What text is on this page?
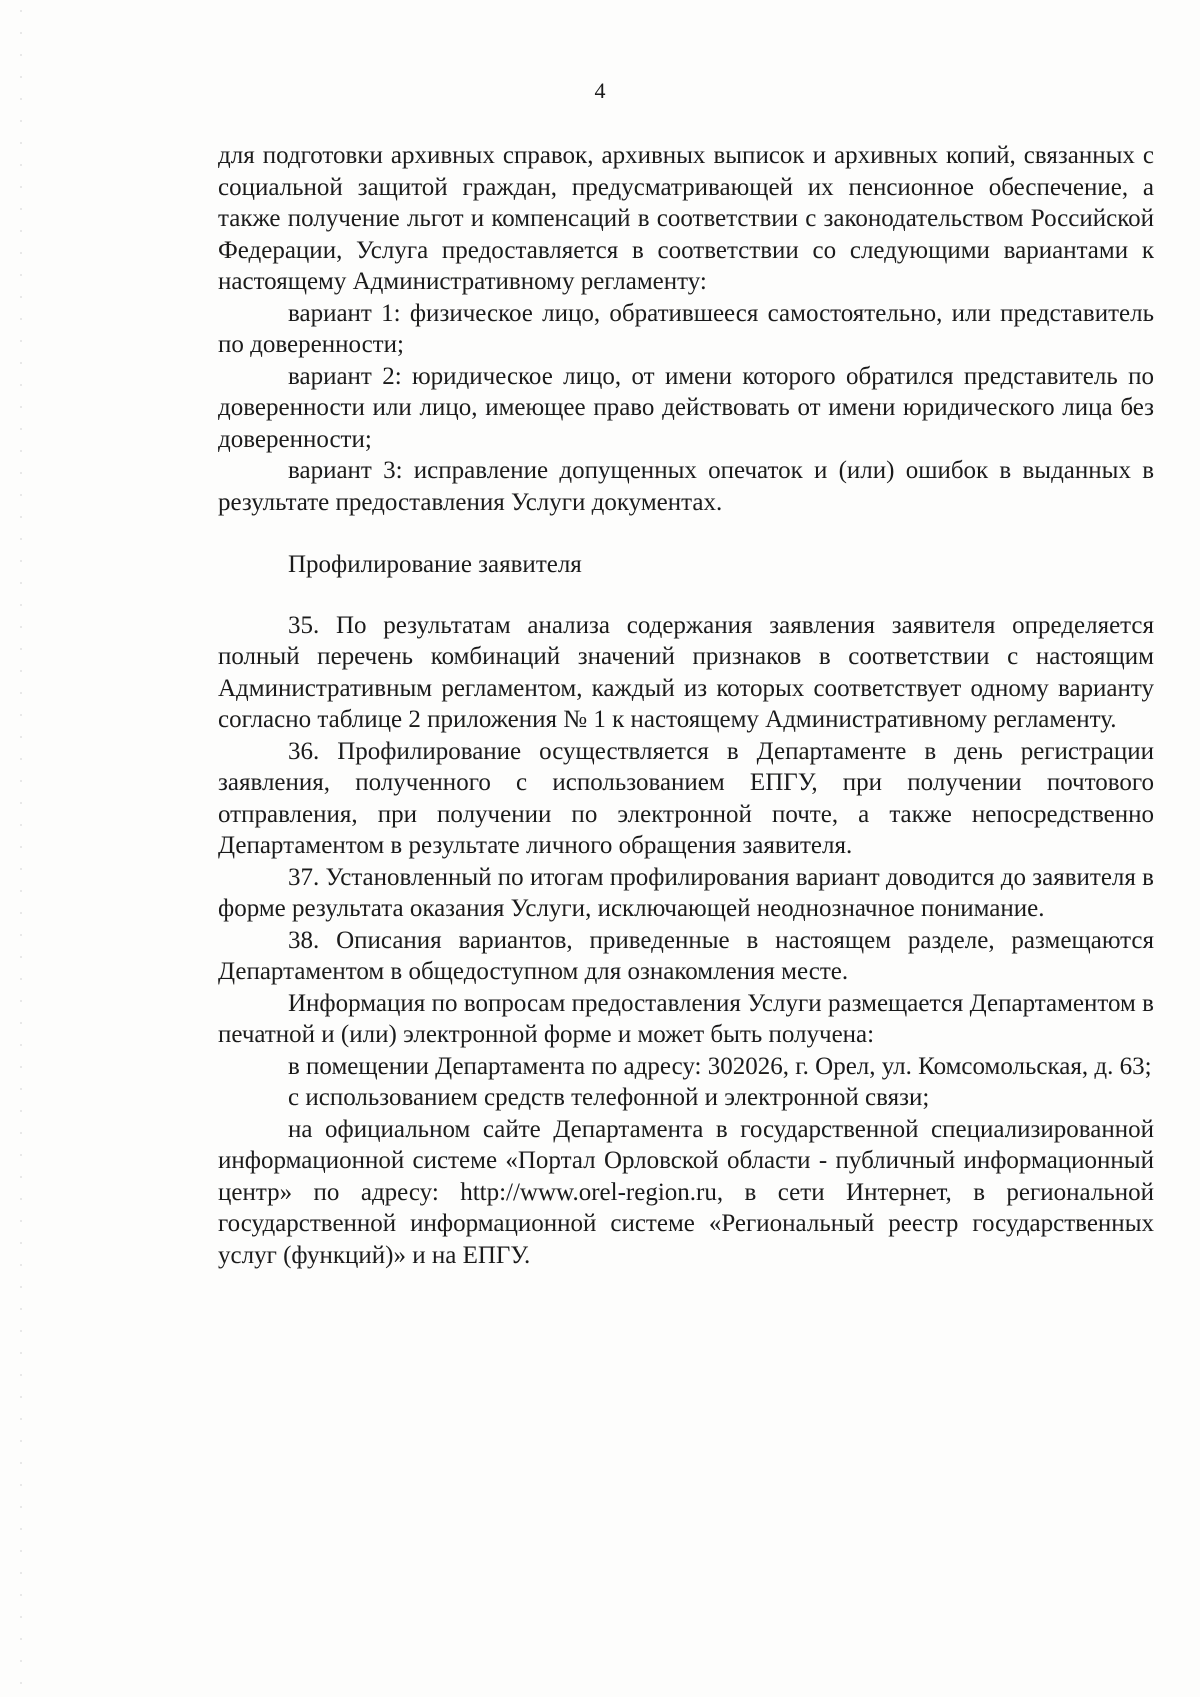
4

для подготовки архивных справок, архивных выписок и архивных копий, связанных с социальной защитой граждан, предусматривающей их пенсионное обеспечение, а также получение льгот и компенсаций в соответствии с законодательством Российской Федерации, Услуга предоставляется в соответствии со следующими вариантами к настоящему Административному регламенту:

вариант 1: физическое лицо, обратившееся самостоятельно, или представитель по доверенности;

вариант 2: юридическое лицо, от имени которого обратился представитель по доверенности или лицо, имеющее право действовать от имени юридического лица без доверенности;

вариант 3: исправление допущенных опечаток и (или) ошибок в выданных в результате предоставления Услуги документах.

Профилирование заявителя

35. По результатам анализа содержания заявления заявителя определяется полный перечень комбинаций значений признаков в соответствии с настоящим Административным регламентом, каждый из которых соответствует одному варианту согласно таблице 2 приложения № 1 к настоящему Административному регламенту.

36. Профилирование осуществляется в Департаменте в день регистрации заявления, полученного с использованием ЕПГУ, при получении почтового отправления, при получении по электронной почте, а также непосредственно Департаментом в результате личного обращения заявителя.

37. Установленный по итогам профилирования вариант доводится до заявителя в форме результата оказания Услуги, исключающей неоднозначное понимание.

38. Описания вариантов, приведенные в настоящем разделе, размещаются Департаментом в общедоступном для ознакомления месте.

Информация по вопросам предоставления Услуги размещается Департаментом в печатной и (или) электронной форме и может быть получена:

в помещении Департамента по адресу: 302026, г. Орел, ул. Комсомольская, д. 63;

с использованием средств телефонной и электронной связи;

на официальном сайте Департамента в государственной специализированной информационной системе «Портал Орловской области - публичный информационный центр» по адресу: http://www.orel-region.ru, в сети Интернет, в региональной государственной информационной системе «Региональный реестр государственных услуг (функций)» и на ЕПГУ.
